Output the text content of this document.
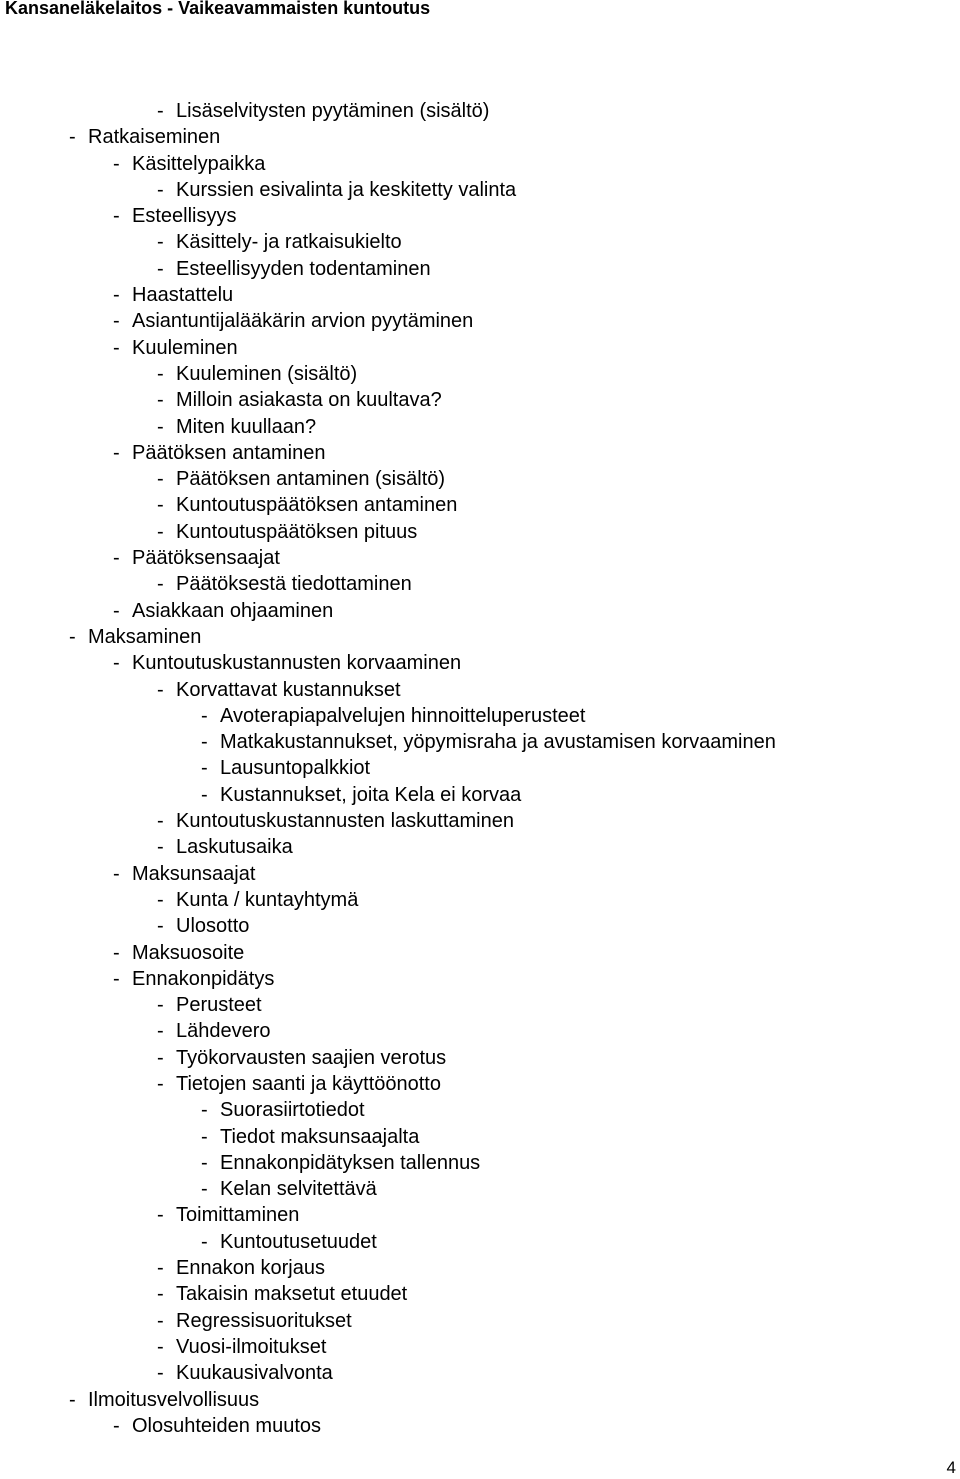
Kansaneläkelaitos - Vaikeavammaisten kuntoutus
- Lisäselvitysten pyytäminen (sisältö)
- Ratkaiseminen
- Käsittelypaikka
- Kurssien esivalinta ja keskitetty valinta
- Esteellisyys
- Käsittely- ja ratkaisukielto
- Esteellisyyden todentaminen
- Haastattelu
- Asiantuntijalääkärin arvion pyytäminen
- Kuuleminen
- Kuuleminen (sisältö)
- Milloin asiakasta on kuultava?
- Miten kuullaan?
- Päätöksen antaminen
- Päätöksen antaminen (sisältö)
- Kuntoutuspäätöksen antaminen
- Kuntoutuspäätöksen pituus
- Päätöksensaajat
- Päätöksestä tiedottaminen
- Asiakkaan ohjaaminen
- Maksaminen
- Kuntoutuskustannusten korvaaminen
- Korvattavat kustannukset
- Avoterapiapalvelujen hinnoitteluperusteet
- Matkakustannukset, yöpymisraha ja avustamisen korvaaminen
- Lausuntopalkkiot
- Kustannukset, joita Kela ei korvaa
- Kuntoutuskustannusten laskuttaminen
- Laskutusaika
- Maksunsaajat
- Kunta / kuntayhtymä
- Ulosotto
- Maksuosoite
- Ennakonpidätys
- Perusteet
- Lähdevero
- Työkorvausten saajien verotus
- Tietojen saanti ja käyttöönotto
- Suorasiirtotiedot
- Tiedot maksunsaajalta
- Ennakonpidätyksen tallennus
- Kelan selvitettävä
- Toimittaminen
- Kuntoutusetuudet
- Ennakon korjaus
- Takaisin maksetut etuudet
- Regressisuoritukset
- Vuosi-ilmoitukset
- Kuukausivalvonta
- Ilmoitusvelvollisuus
- Olosuhteiden muutos
4
